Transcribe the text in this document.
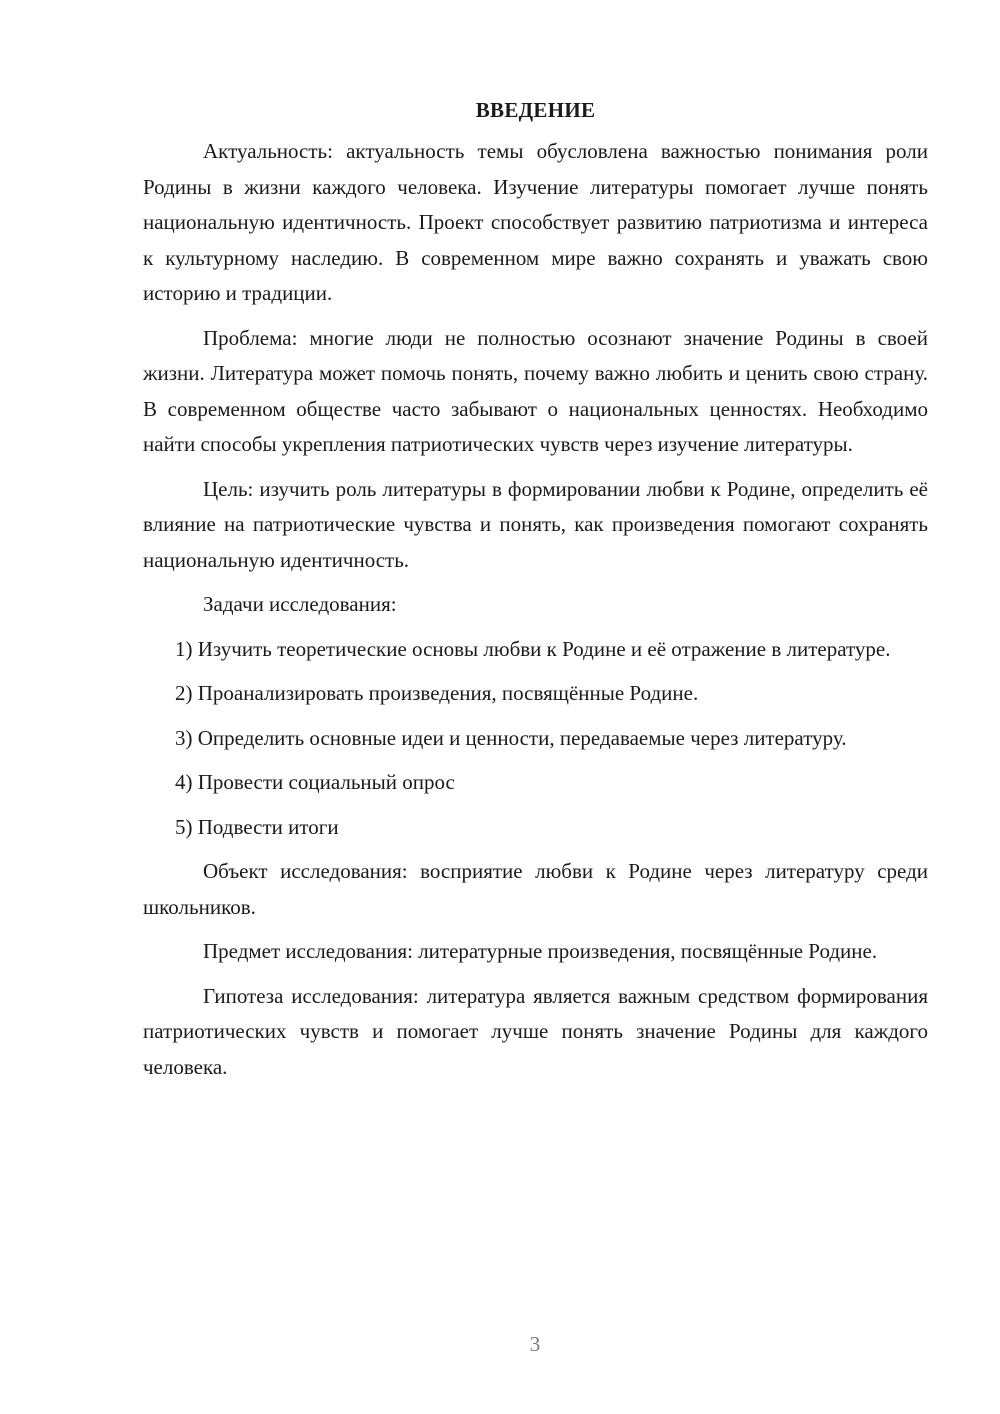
ВВЕДЕНИЕ
Актуальность: актуальность темы обусловлена важностью понимания роли Родины в жизни каждого человека. Изучение литературы помогает лучше понять национальную идентичность. Проект способствует развитию патриотизма и интереса к культурному наследию. В современном мире важно сохранять и уважать свою историю и традиции.
Проблема: многие люди не полностью осознают значение Родины в своей жизни. Литература может помочь понять, почему важно любить и ценить свою страну. В современном обществе часто забывают о национальных ценностях. Необходимо найти способы укрепления патриотических чувств через изучение литературы.
Цель: изучить роль литературы в формировании любви к Родине, определить её влияние на патриотические чувства и понять, как произведения помогают сохранять национальную идентичность.
Задачи исследования:
1) Изучить теоретические основы любви к Родине и её отражение в литературе.
2) Проанализировать произведения, посвящённые Родине.
3) Определить основные идеи и ценности, передаваемые через литературу.
4) Провести социальный опрос
5) Подвести итоги
Объект исследования: восприятие любви к Родине через литературу среди школьников.
Предмет исследования: литературные произведения, посвящённые Родине.
Гипотеза исследования: литература является важным средством формирования патриотических чувств и помогает лучше понять значение Родины для каждого человека.
3
